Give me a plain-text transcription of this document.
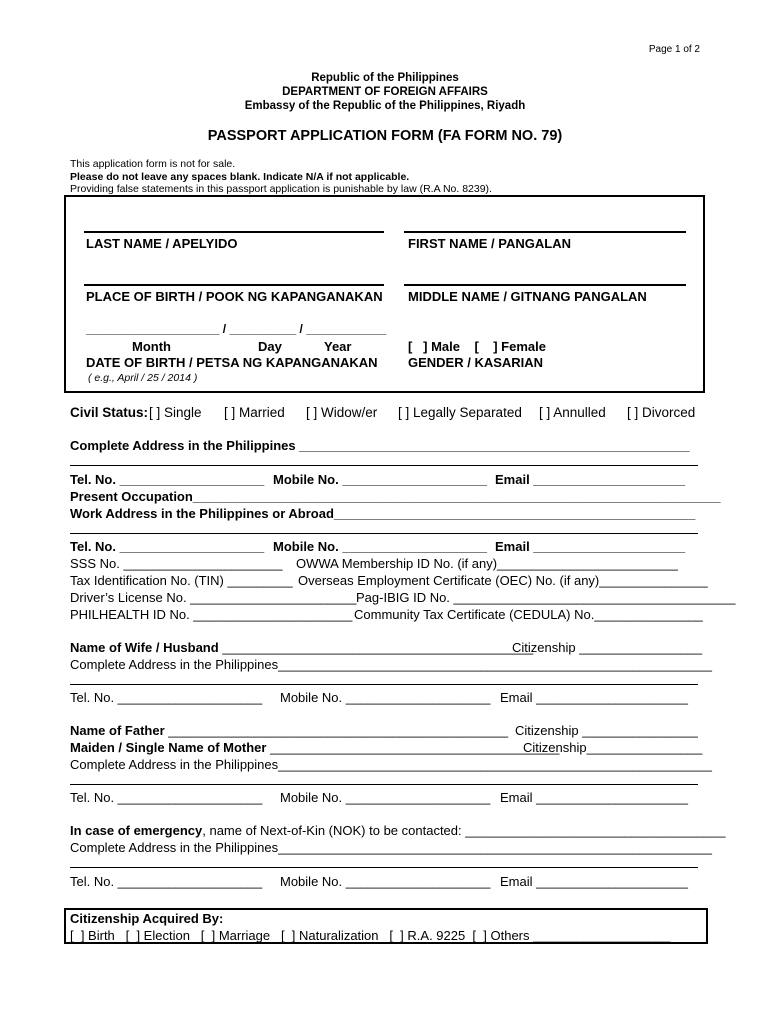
Page 1 of 2
Republic of the Philippines
DEPARTMENT OF FOREIGN AFFAIRS
Embassy of the Republic of the Philippines, Riyadh
PASSPORT APPLICATION FORM (FA FORM NO. 79)
This application form is not for sale.
Please do not leave any spaces blank. Indicate N/A if not applicable.
Providing false statements in this passport application is punishable by law (R.A No. 8239).
LAST NAME / APELYIDO	FIRST NAME / PANGALAN
PLACE OF BIRTH / POOK NG KAPANGANAKAN MIDDLE NAME / GITNANG PANGALAN
____________________ / __________ / ____________
Month	Day	Year
DATE OF BIRTH / PETSA NG KAPANGANAKAN
( e.g., April / 25 / 2014 )
[   ] Male    [    ] Female
GENDER / KASARIAN
Civil Status: [ ] Single [ ] Married [ ] Widow/er [ ] Legally Separated [ ] Annulled [ ] Divorced
Complete Address in the Philippines ______________________________________________________
Tel. No. ____________________ Mobile No. ____________________ Email _____________________
Present Occupation_________________________________________________________________________
Work Address in the Philippines or Abroad__________________________________________________
Tel. No. ____________________ Mobile No. ____________________ Email _____________________
SSS No. ______________________ OWWA Membership ID No. (if any)_________________________
Tax Identification No. (TIN) _________ Overseas Employment Certificate (OEC) No. (if any)_______________
Driver’s License No. _______________________ Pag-IBIG ID No. _______________________________________
PHILHEALTH ID No. ______________________ Community Tax Certificate (CEDULA) No._______________
Name of Wife / Husband ___________________________________________
Citizenship _________________
Complete Address in the Philippines____________________________________________________________
Tel. No. ____________________ Mobile No. ____________________ Email _____________________
Name of Father _______________________________________________ Citizenship ________________
Maiden / Single Name of Mother ________________________________________
Citizenship________________
Complete Address in the Philippines____________________________________________________________
Tel. No. ____________________ Mobile No. ____________________ Email _____________________
In case of emergency, name of Next-of-Kin (NOK) to be contacted: ____________________________________
Complete Address in the Philippines____________________________________________________________
Tel. No. ____________________ Mobile No. ____________________ Email _____________________
Citizenship Acquired By:
[  ] Birth   [  ] Election   [  ] Marriage   [  ] Naturalization   [  ] R.A. 9225  [  ] Others ___________________
